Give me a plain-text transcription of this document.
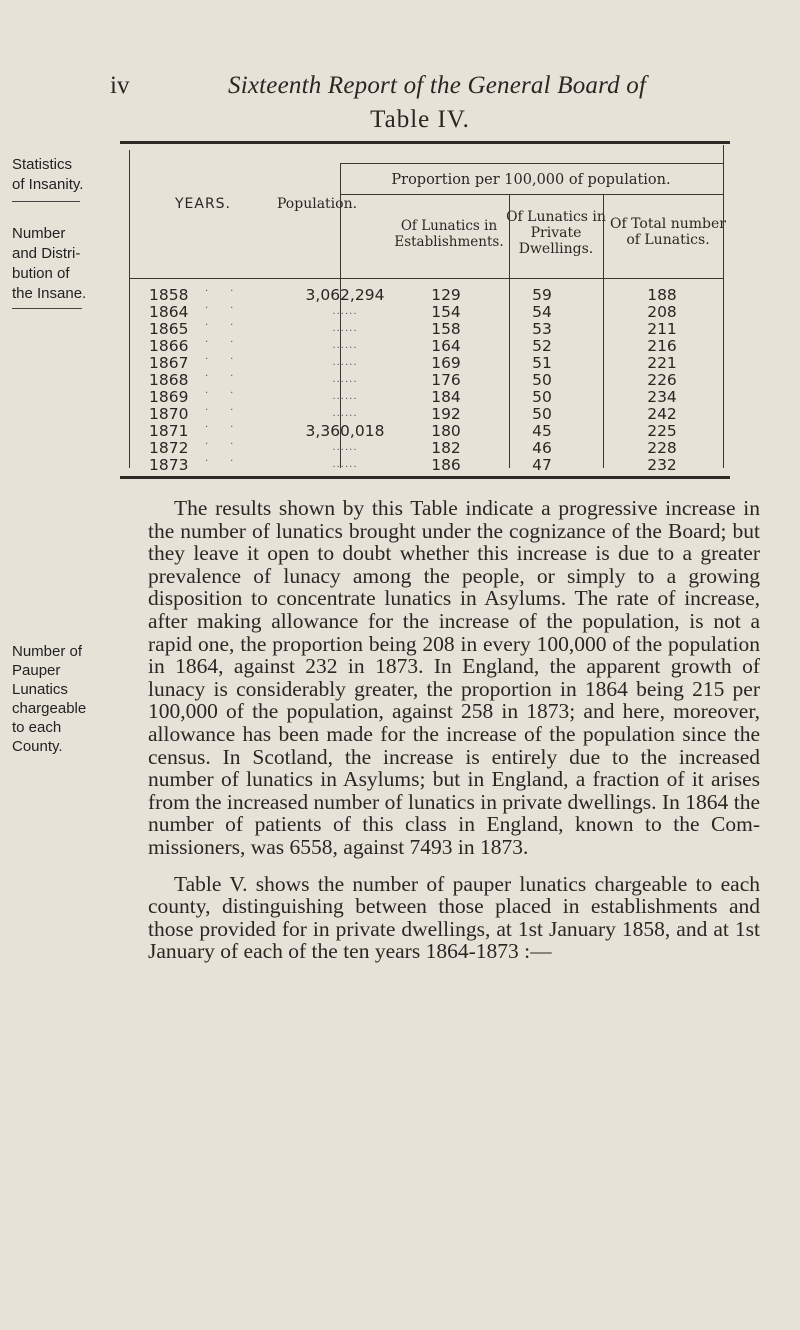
iv	Sixteenth Report of the General Board of
Table IV.
Statistics
of Insanity.
Number
and Distri-
bution of
the Insane.
Number of
Pauper
Lunatics
chargeable
to each
County.
Proportion per 100,000 of population.
YEARS.	Population.
Of Lunatics in Establishments.
Of Lunatics in Private Dwellings.
Of Total number of Lunatics.
1858 ··	3,062,294	129	59	188
1864 ··	......	154	54	208
1865 ··	......	158	53	211
1866 ··	......	164	52	216
1867 ··	......	169	51	221
1868 ··	......	176	50	226
1869 ··	......	184	50	234
1870 ··	......	192	50	242
1871 ··	3,360,018	180	45	225
1872 ··	......	182	46	228
1873 ··	......	186	47	232
The results shown by this Table indicate a progressive increase in the number of lunatics brought under the cognizance of the Board; but they leave it open to doubt whether this increase is due to a greater prevalence of lunacy among the people, or simply to a growing disposition to concentrate lunatics in Asylums. The rate of increase, after making allowance for the increase of the population, is not a rapid one, the proportion being 208 in every 100,000 of the population in 1864, against 232 in 1873. In England, the apparent growth of lunacy is considerably greater, the proportion in 1864 being 215 per 100,000 of the population, against 258 in 1873; and here, moreover, allowance has been made for the increase of the population since the census. In Scotland, the increase is entirely due to the increased number of lunatics in Asylums; but in England, a fraction of it arises from the increased number of lunatics in private dwellings. In 1864 the number of patients of this class in England, known to the Com-missioners, was 6558, against 7493 in 1873.
Table V. shows the number of pauper lunatics chargeable to each county, distinguishing between those placed in establishments and those provided for in private dwellings, at 1st January 1858, and at 1st January of each of the ten years 1864-1873 :—
